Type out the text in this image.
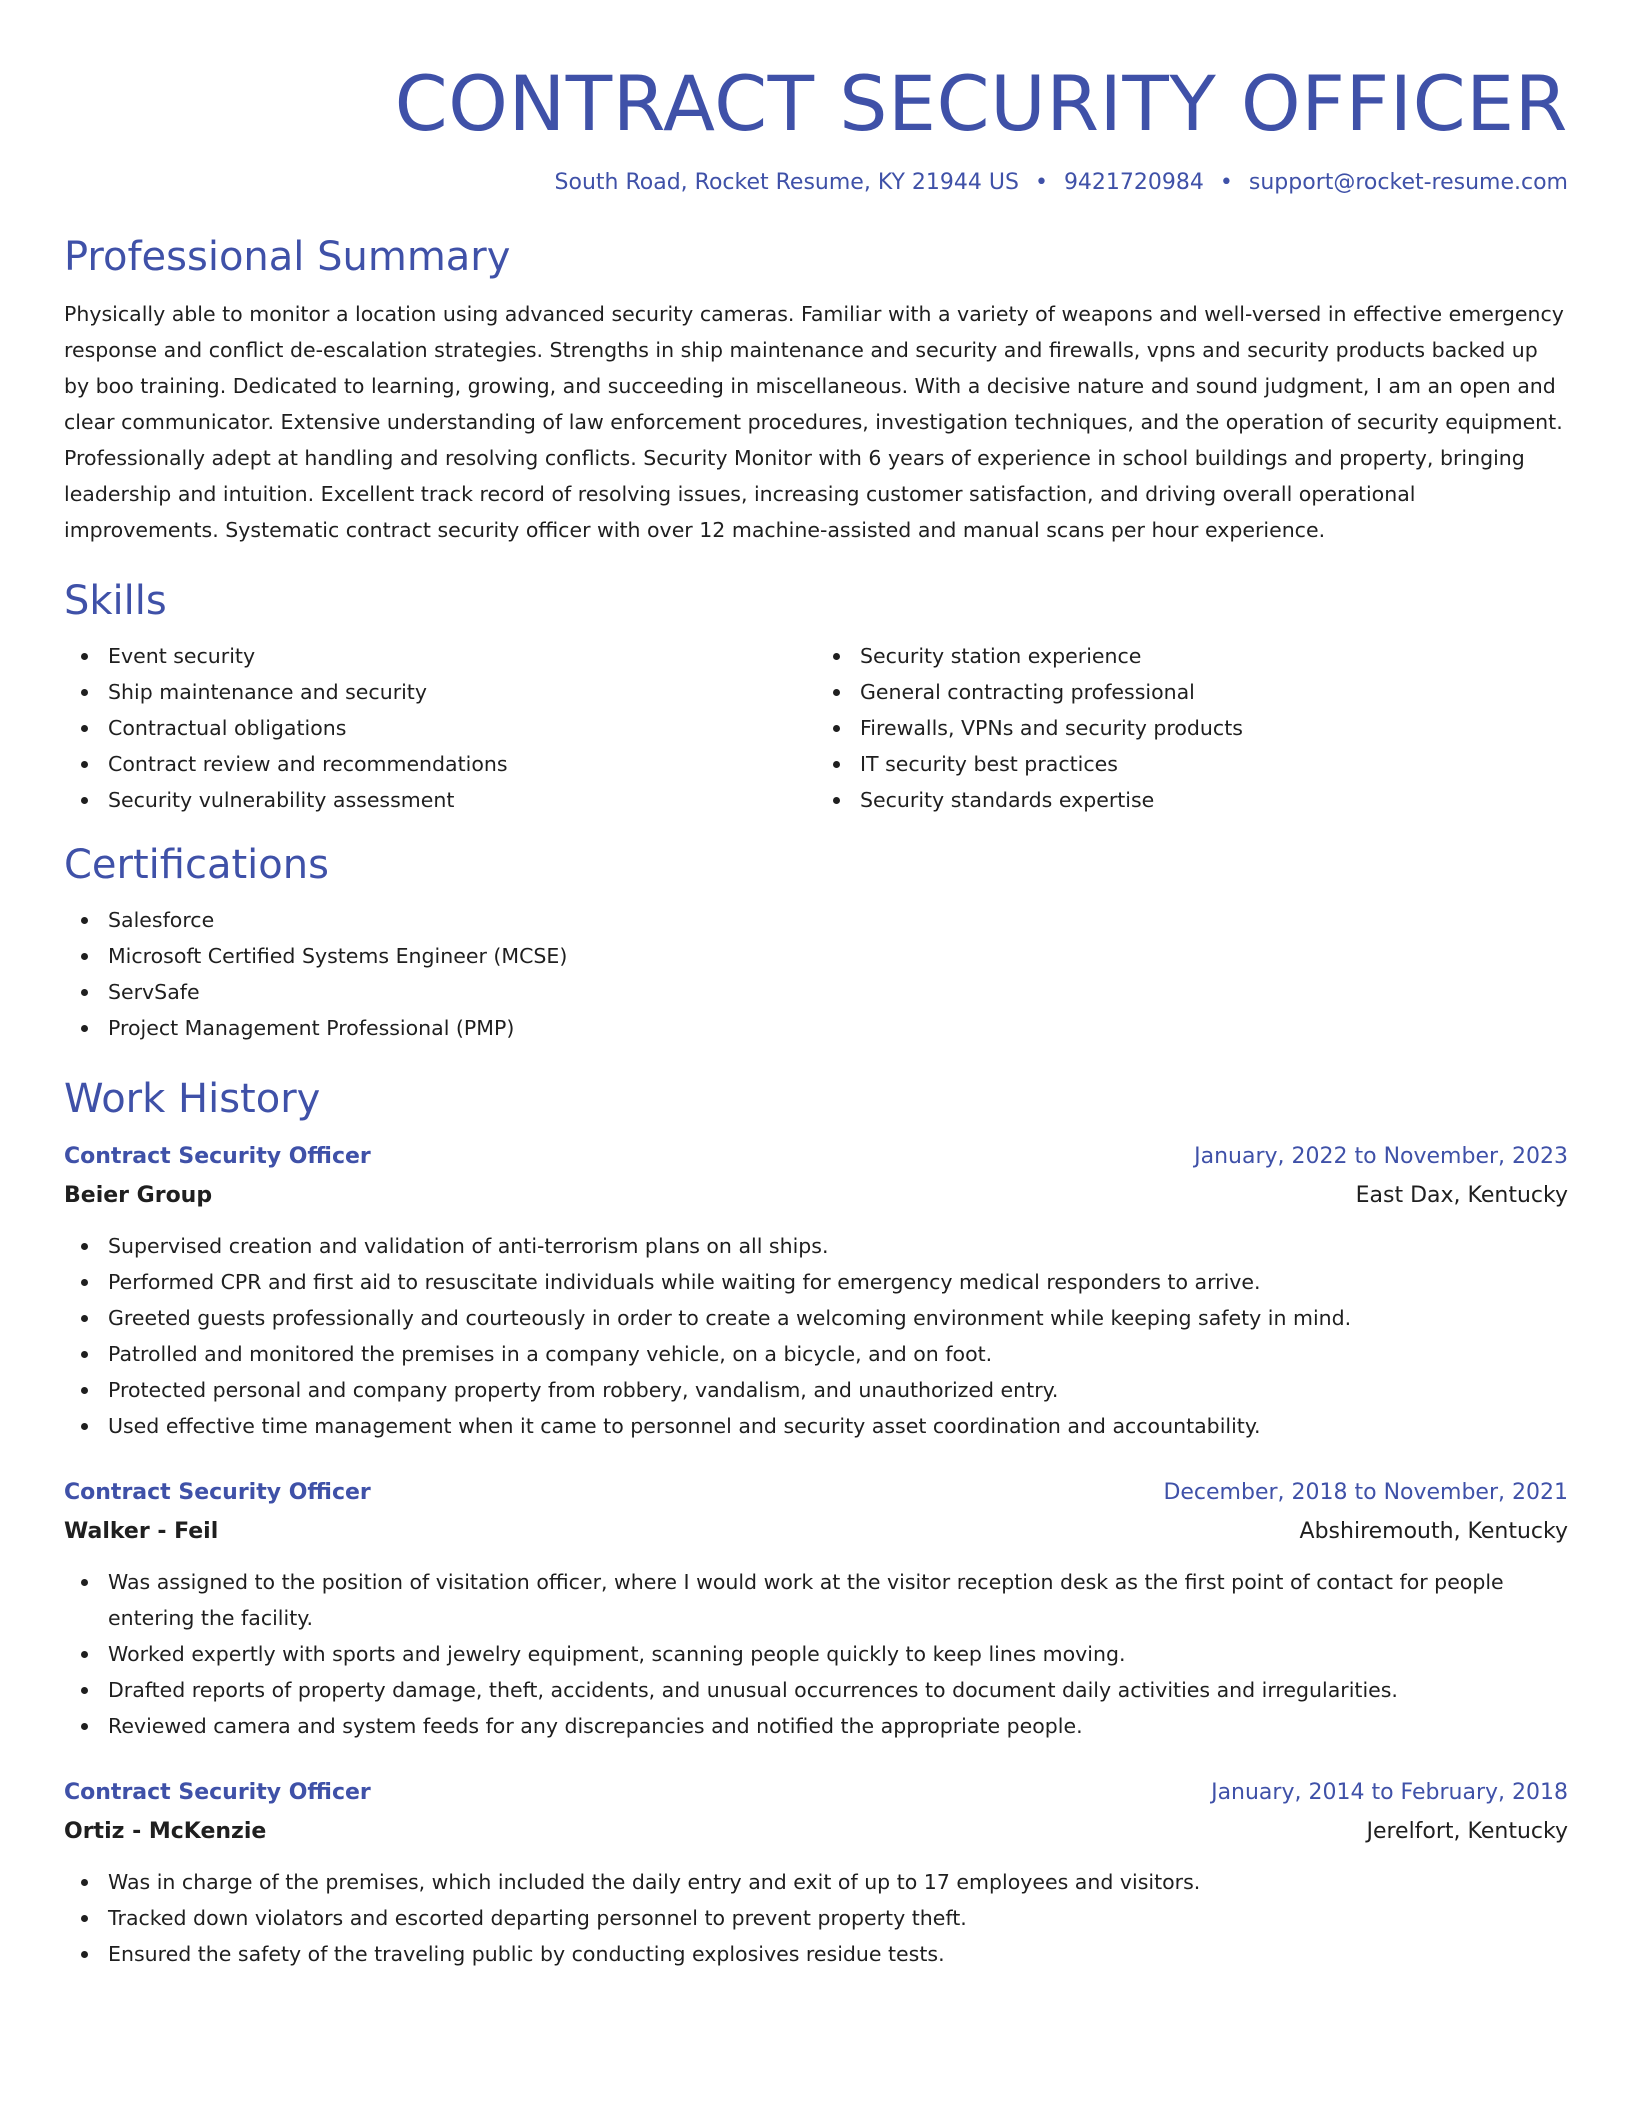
CONTRACT SECURITY OFFICER
South Road, Rocket Resume, KY 21944 US • 9421720984 • support@rocket-resume.com
Professional Summary
Physically able to monitor a location using advanced security cameras. Familiar with a variety of weapons and well-versed in effective emergency response and conflict de-escalation strategies. Strengths in ship maintenance and security and firewalls, vpns and security products backed up by boo training. Dedicated to learning, growing, and succeeding in miscellaneous. With a decisive nature and sound judgment, I am an open and clear communicator. Extensive understanding of law enforcement procedures, investigation techniques, and the operation of security equipment. Professionally adept at handling and resolving conflicts. Security Monitor with 6 years of experience in school buildings and property, bringing leadership and intuition. Excellent track record of resolving issues, increasing customer satisfaction, and driving overall operational improvements. Systematic contract security officer with over 12 machine-assisted and manual scans per hour experience.
Skills
Event security
Ship maintenance and security
Contractual obligations
Contract review and recommendations
Security vulnerability assessment
Security station experience
General contracting professional
Firewalls, VPNs and security products
IT security best practices
Security standards expertise
Certifications
Salesforce
Microsoft Certified Systems Engineer (MCSE)
ServSafe
Project Management Professional (PMP)
Work History
Contract Security Officer	January, 2022 to November, 2023
Beier Group	East Dax, Kentucky
Supervised creation and validation of anti-terrorism plans on all ships.
Performed CPR and first aid to resuscitate individuals while waiting for emergency medical responders to arrive.
Greeted guests professionally and courteously in order to create a welcoming environment while keeping safety in mind.
Patrolled and monitored the premises in a company vehicle, on a bicycle, and on foot.
Protected personal and company property from robbery, vandalism, and unauthorized entry.
Used effective time management when it came to personnel and security asset coordination and accountability.
Contract Security Officer	December, 2018 to November, 2021
Walker - Feil	Abshiremouth, Kentucky
Was assigned to the position of visitation officer, where I would work at the visitor reception desk as the first point of contact for people entering the facility.
Worked expertly with sports and jewelry equipment, scanning people quickly to keep lines moving.
Drafted reports of property damage, theft, accidents, and unusual occurrences to document daily activities and irregularities.
Reviewed camera and system feeds for any discrepancies and notified the appropriate people.
Contract Security Officer	January, 2014 to February, 2018
Ortiz - McKenzie	Jerelfort, Kentucky
Was in charge of the premises, which included the daily entry and exit of up to 17 employees and visitors.
Tracked down violators and escorted departing personnel to prevent property theft.
Ensured the safety of the traveling public by conducting explosives residue tests.
